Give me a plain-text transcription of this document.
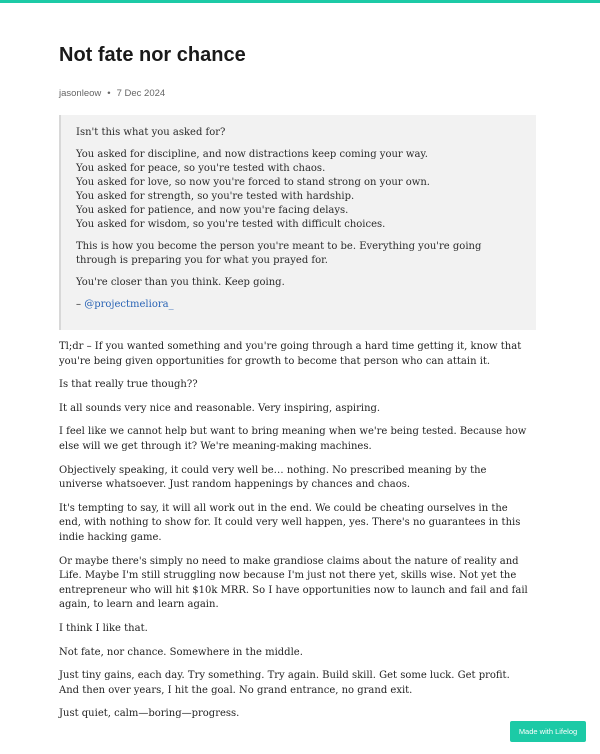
Not fate nor chance
jasonleow • 7 Dec 2024

Isn't this what you asked for?

You asked for discipline, and now distractions keep coming your way.
You asked for peace, so you're tested with chaos.
You asked for love, so now you're forced to stand strong on your own.
You asked for strength, so you're tested with hardship.
You asked for patience, and now you're facing delays.
You asked for wisdom, so you're tested with difficult choices.

This is how you become the person you're meant to be. Everything you're going through is preparing you for what you prayed for.

You're closer than you think. Keep going.

– @projectmeliora_

Tl;dr – If you wanted something and you're going through a hard time getting it, know that you're being given opportunities for growth to become that person who can attain it.

Is that really true though??

It all sounds very nice and reasonable. Very inspiring, aspiring.

I feel like we cannot help but want to bring meaning when we're being tested. Because how else will we get through it? We're meaning-making machines.

Objectively speaking, it could very well be… nothing. No prescribed meaning by the universe whatsoever. Just random happenings by chances and chaos.

It's tempting to say, it will all work out in the end. We could be cheating ourselves in the end, with nothing to show for. It could very well happen, yes. There's no guarantees in this indie hacking game.

Or maybe there's simply no need to make grandiose claims about the nature of reality and Life. Maybe I'm still struggling now because I'm just not there yet, skills wise. Not yet the entrepreneur who will hit $10k MRR. So I have opportunities now to launch and fail and fail again, to learn and learn again.

I think I like that.

Not fate, nor chance. Somewhere in the middle.

Just tiny gains, each day. Try something. Try again. Build skill. Get some luck. Get profit. And then over years, I hit the goal. No grand entrance, no grand exit.

Just quiet, calm—boring—progress.

Made with Lifelog
